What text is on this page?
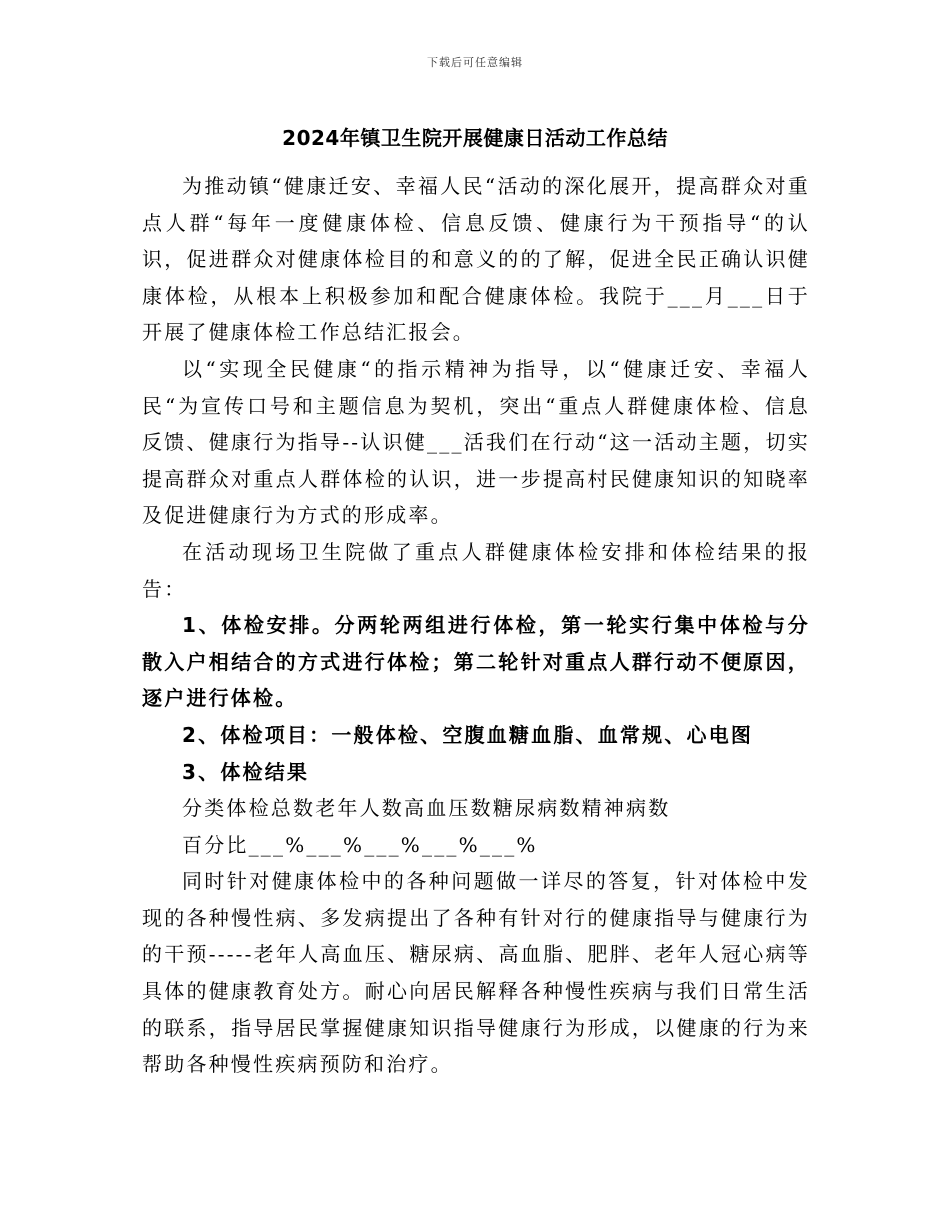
下载后可任意编辑
2024年镇卫生院开展健康日活动工作总结

为推动镇“健康迁安、幸福人民“活动的深化展开，提高群众对重点人群“每年一度健康体检、信息反馈、健康行为干预指导“的认识，促进群众对健康体检目的和意义的的了解，促进全民正确认识健康体检，从根本上积极参加和配合健康体检。我院于___月___日于开展了健康体检工作总结汇报会。

以“实现全民健康“的指示精神为指导，以“健康迁安、幸福人民“为宣传口号和主题信息为契机，突出“重点人群健康体检、信息反馈、健康行为指导--认识健___活我们在行动“这一活动主题，切实提高群众对重点人群体检的认识，进一步提高村民健康知识的知晓率及促进健康行为方式的形成率。

在活动现场卫生院做了重点人群健康体检安排和体检结果的报告：

1、体检安排。分两轮两组进行体检，第一轮实行集中体检与分散入户相结合的方式进行体检；第二轮针对重点人群行动不便原因，逐户进行体检。

2、体检项目：一般体检、空腹血糖血脂、血常规、心电图

3、体检结果

分类体检总数老年人数高血压数糖尿病数精神病数

百分比___%___%___%___%___%

同时针对健康体检中的各种问题做一详尽的答复，针对体检中发现的各种慢性病、多发病提出了各种有针对行的健康指导与健康行为的干预-----老年人高血压、糖尿病、高血脂、肥胖、老年人冠心病等具体的健康教育处方。耐心向居民解释各种慢性疾病与我们日常生活的联系，指导居民掌握健康知识指导健康行为形成，以健康的行为来帮助各种慢性疾病预防和治疗。
